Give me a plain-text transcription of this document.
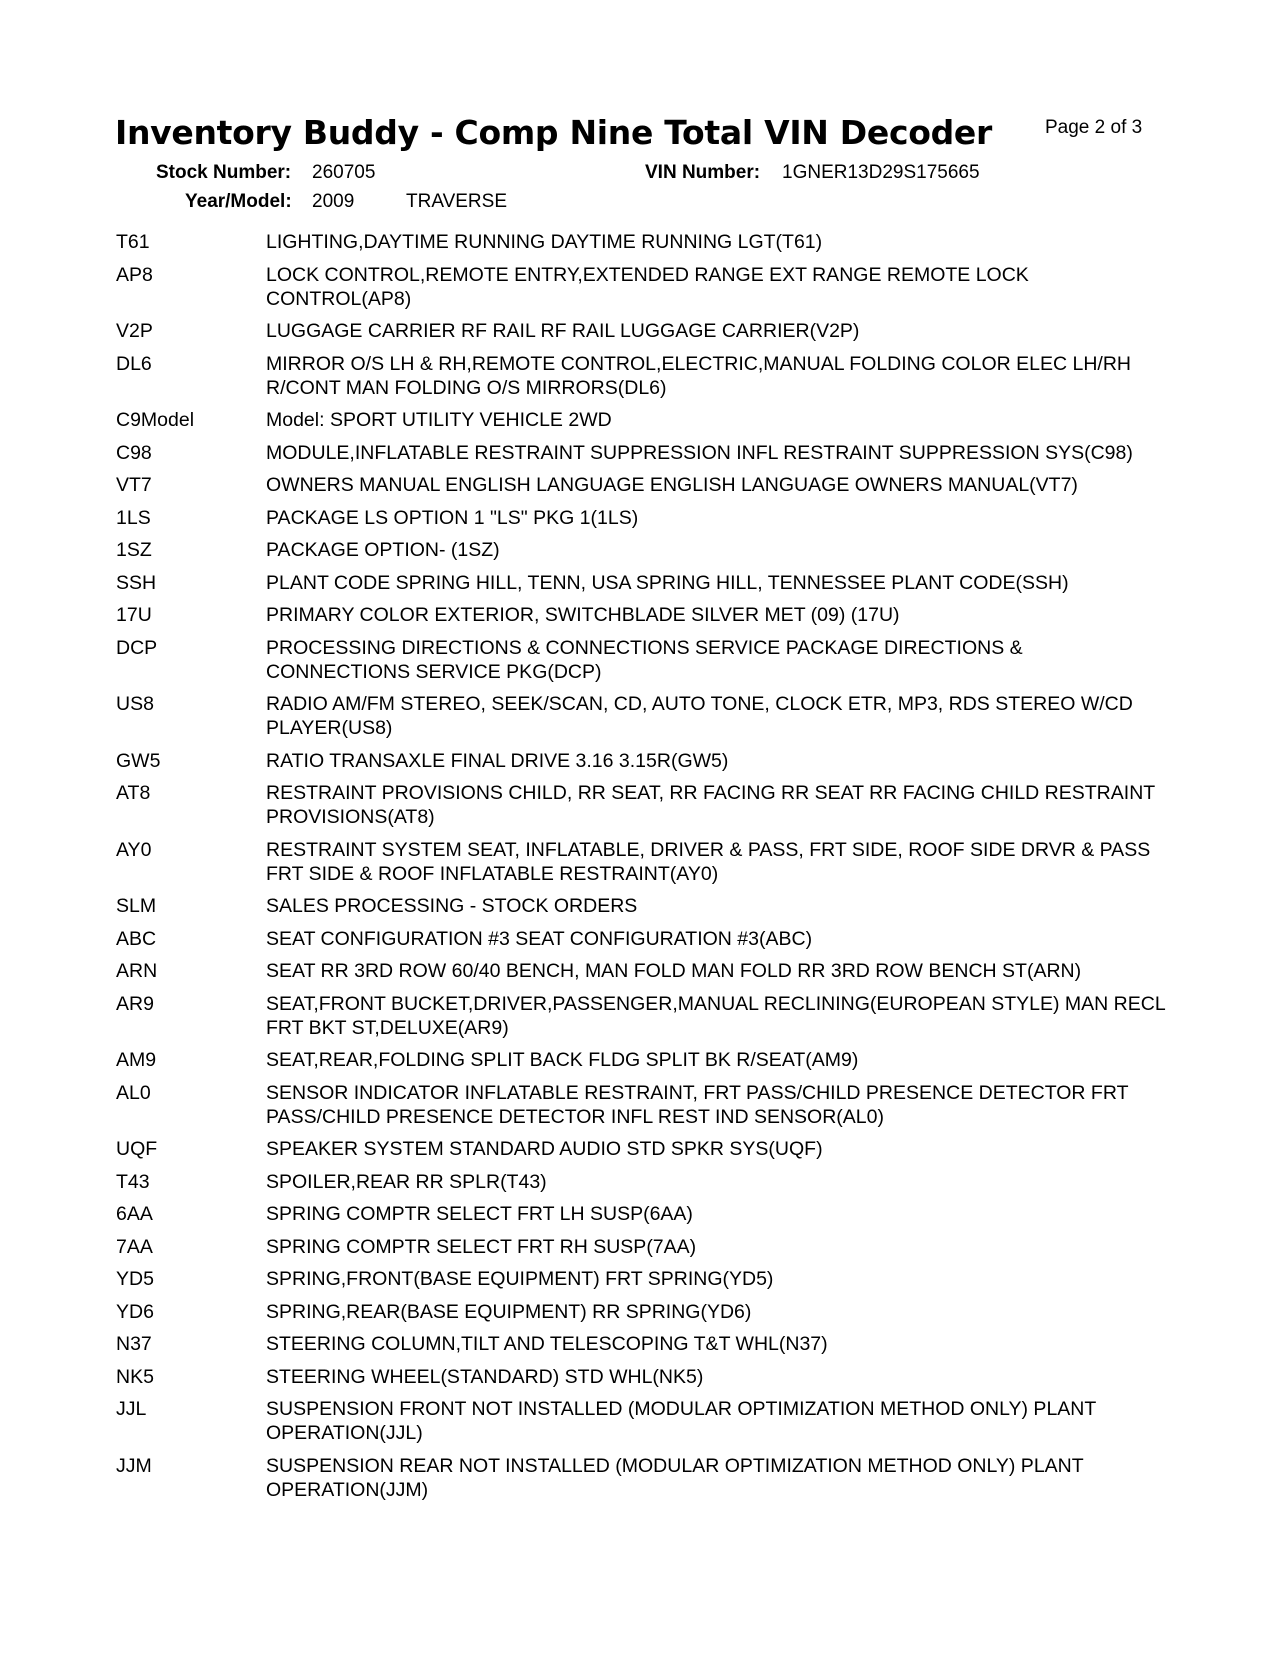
Inventory Buddy - Comp Nine Total VIN Decoder	Page 2 of 3
Stock Number: 260705	VIN Number: 1GNER13D29S175665
Year/Model: 2009	TRAVERSE
T61	LIGHTING,DAYTIME RUNNING DAYTIME RUNNING LGT(T61)
AP8	LOCK CONTROL,REMOTE ENTRY,EXTENDED RANGE EXT RANGE REMOTE LOCK CONTROL(AP8)
V2P	LUGGAGE CARRIER RF RAIL RF RAIL LUGGAGE CARRIER(V2P)
DL6	MIRROR O/S LH & RH,REMOTE CONTROL,ELECTRIC,MANUAL FOLDING COLOR ELEC LH/RH R/CONT MAN FOLDING O/S MIRRORS(DL6)
C9Model	Model: SPORT UTILITY VEHICLE 2WD
C98	MODULE,INFLATABLE RESTRAINT SUPPRESSION INFL RESTRAINT SUPPRESSION SYS(C98)
VT7	OWNERS MANUAL ENGLISH LANGUAGE ENGLISH LANGUAGE OWNERS MANUAL(VT7)
1LS	PACKAGE LS OPTION 1 "LS" PKG 1(1LS)
1SZ	PACKAGE OPTION- (1SZ)
SSH	PLANT CODE SPRING HILL, TENN, USA SPRING HILL, TENNESSEE PLANT CODE(SSH)
17U	PRIMARY COLOR EXTERIOR, SWITCHBLADE SILVER MET (09) (17U)
DCP	PROCESSING DIRECTIONS & CONNECTIONS SERVICE PACKAGE DIRECTIONS & CONNECTIONS SERVICE PKG(DCP)
US8	RADIO AM/FM STEREO, SEEK/SCAN, CD, AUTO TONE, CLOCK ETR, MP3, RDS STEREO W/CD PLAYER(US8)
GW5	RATIO TRANSAXLE FINAL DRIVE 3.16 3.15R(GW5)
AT8	RESTRAINT PROVISIONS CHILD, RR SEAT, RR FACING RR SEAT RR FACING CHILD RESTRAINT PROVISIONS(AT8)
AY0	RESTRAINT SYSTEM SEAT, INFLATABLE, DRIVER & PASS, FRT SIDE, ROOF SIDE DRVR & PASS FRT SIDE & ROOF INFLATABLE RESTRAINT(AY0)
SLM	SALES PROCESSING - STOCK ORDERS
ABC	SEAT CONFIGURATION #3 SEAT CONFIGURATION #3(ABC)
ARN	SEAT RR 3RD ROW 60/40 BENCH, MAN FOLD MAN FOLD RR 3RD ROW BENCH ST(ARN)
AR9	SEAT,FRONT BUCKET,DRIVER,PASSENGER,MANUAL RECLINING(EUROPEAN STYLE) MAN RECL FRT BKT ST,DELUXE(AR9)
AM9	SEAT,REAR,FOLDING SPLIT BACK FLDG SPLIT BK R/SEAT(AM9)
AL0	SENSOR INDICATOR INFLATABLE RESTRAINT, FRT PASS/CHILD PRESENCE DETECTOR FRT PASS/CHILD PRESENCE DETECTOR INFL REST IND SENSOR(AL0)
UQF	SPEAKER SYSTEM STANDARD AUDIO STD SPKR SYS(UQF)
T43	SPOILER,REAR RR SPLR(T43)
6AA	SPRING COMPTR SELECT FRT LH SUSP(6AA)
7AA	SPRING COMPTR SELECT FRT RH SUSP(7AA)
YD5	SPRING,FRONT(BASE EQUIPMENT) FRT SPRING(YD5)
YD6	SPRING,REAR(BASE EQUIPMENT) RR SPRING(YD6)
N37	STEERING COLUMN,TILT AND TELESCOPING T&T WHL(N37)
NK5	STEERING WHEEL(STANDARD) STD WHL(NK5)
JJL	SUSPENSION FRONT NOT INSTALLED (MODULAR OPTIMIZATION METHOD ONLY) PLANT OPERATION(JJL)
JJM	SUSPENSION REAR NOT INSTALLED (MODULAR OPTIMIZATION METHOD ONLY) PLANT OPERATION(JJM)
